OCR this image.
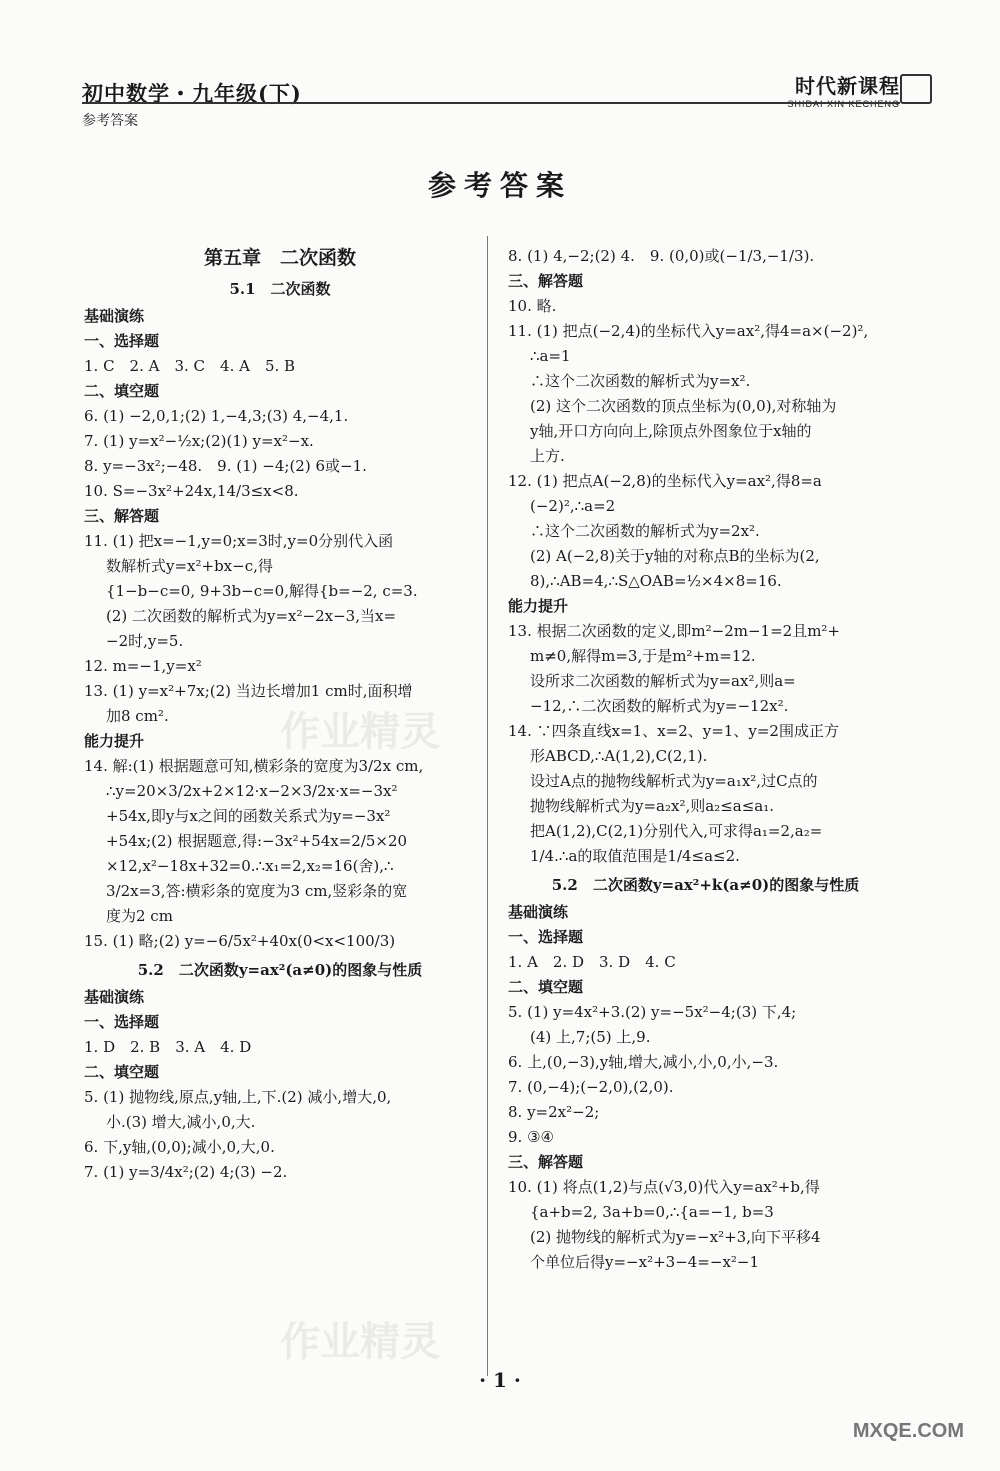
初中数学・九年级(下)
参考答案
时代新课程
SHIDAI XIN KECHENG
参考答案
第五章　二次函数
5.1　二次函数
基础演练
一、选择题
1. C　2. A　3. C　4. A　5. B
二、填空题
6. (1) −2,0,1;(2) 1,−4,3;(3) 4,−4,1.
7. (1) y=x²−½x;(2)(1) y=x²−x.
8. y=−3x²;−48.　9. (1) −4;(2) 6或−1.
10. S=−3x²+24x,14/3≤x<8.
三、解答题
11. (1) 把x=−1,y=0;x=3时,y=0分别代入函
数解析式y=x²+bx−c,得
{1−b−c=0, 9+3b−c=0,解得{b=−2, c=3.
(2) 二次函数的解析式为y=x²−2x−3,当x=
−2时,y=5.
12. m=−1,y=x²
13. (1) y=x²+7x;(2) 当边长增加1 cm时,面积增
加8 cm².
能力提升
14. 解:(1) 根据题意可知,横彩条的宽度为3/2x cm,
∴y=20×3/2x+2×12·x−2×3/2x·x=−3x²
+54x,即y与x之间的函数关系式为y=−3x²
+54x;(2) 根据题意,得:−3x²+54x=2/5×20
×12,x²−18x+32=0.∴x₁=2,x₂=16(舍),∴
3/2x=3,答:横彩条的宽度为3 cm,竖彩条的宽
度为2 cm
15. (1) 略;(2) y=−6/5x²+40x(0<x<100/3)
5.2　二次函数y=ax²(a≠0)的图象与性质
基础演练
一、选择题
1. D　2. B　3. A　4. D
二、填空题
5. (1) 抛物线,原点,y轴,上,下.(2) 减小,增大,0,
小.(3) 增大,减小,0,大.
6. 下,y轴,(0,0);减小,0,大,0.
7. (1) y=3/4x²;(2) 4;(3) −2.
8. (1) 4,−2;(2) 4.　9. (0,0)或(−1/3,−1/3).
三、解答题
10. 略.
11. (1) 把点(−2,4)的坐标代入y=ax²,得4=a×(−2)²,
∴a=1
∴这个二次函数的解析式为y=x².
(2) 这个二次函数的顶点坐标为(0,0),对称轴为
y轴,开口方向向上,除顶点外图象位于x轴的
上方.
12. (1) 把点A(−2,8)的坐标代入y=ax²,得8=a
(−2)²,∴a=2
∴这个二次函数的解析式为y=2x².
(2) A(−2,8)关于y轴的对称点B的坐标为(2,
8),∴AB=4,∴S△OAB=½×4×8=16.
能力提升
13. 根据二次函数的定义,即m²−2m−1=2且m²+
m≠0,解得m=3,于是m²+m=12.
设所求二次函数的解析式为y=ax²,则a=
−12,∴二次函数的解析式为y=−12x².
14. ∵四条直线x=1、x=2、y=1、y=2围成正方
形ABCD,∴A(1,2),C(2,1).
设过A点的抛物线解析式为y=a₁x²,过C点的
抛物线解析式为y=a₂x²,则a₂≤a≤a₁.
把A(1,2),C(2,1)分别代入,可求得a₁=2,a₂=
1/4.∴a的取值范围是1/4≤a≤2.
5.2　二次函数y=ax²+k(a≠0)的图象与性质
基础演练
一、选择题
1. A　2. D　3. D　4. C
二、填空题
5. (1) y=4x²+3.(2) y=−5x²−4;(3) 下,4;
(4) 上,7;(5) 上,9.
6. 上,(0,−3),y轴,增大,减小,小,0,小,−3.
7. (0,−4);(−2,0),(2,0).
8. y=2x²−2;
9. ③④
三、解答题
10. (1) 将点(1,2)与点(√3,0)代入y=ax²+b,得
{a+b=2, 3a+b=0,∴{a=−1, b=3
(2) 抛物线的解析式为y=−x²+3,向下平移4
个单位后得y=−x²+3−4=−x²−1
作业精灵
作业精灵
· 1 ·
MXQE.COM
